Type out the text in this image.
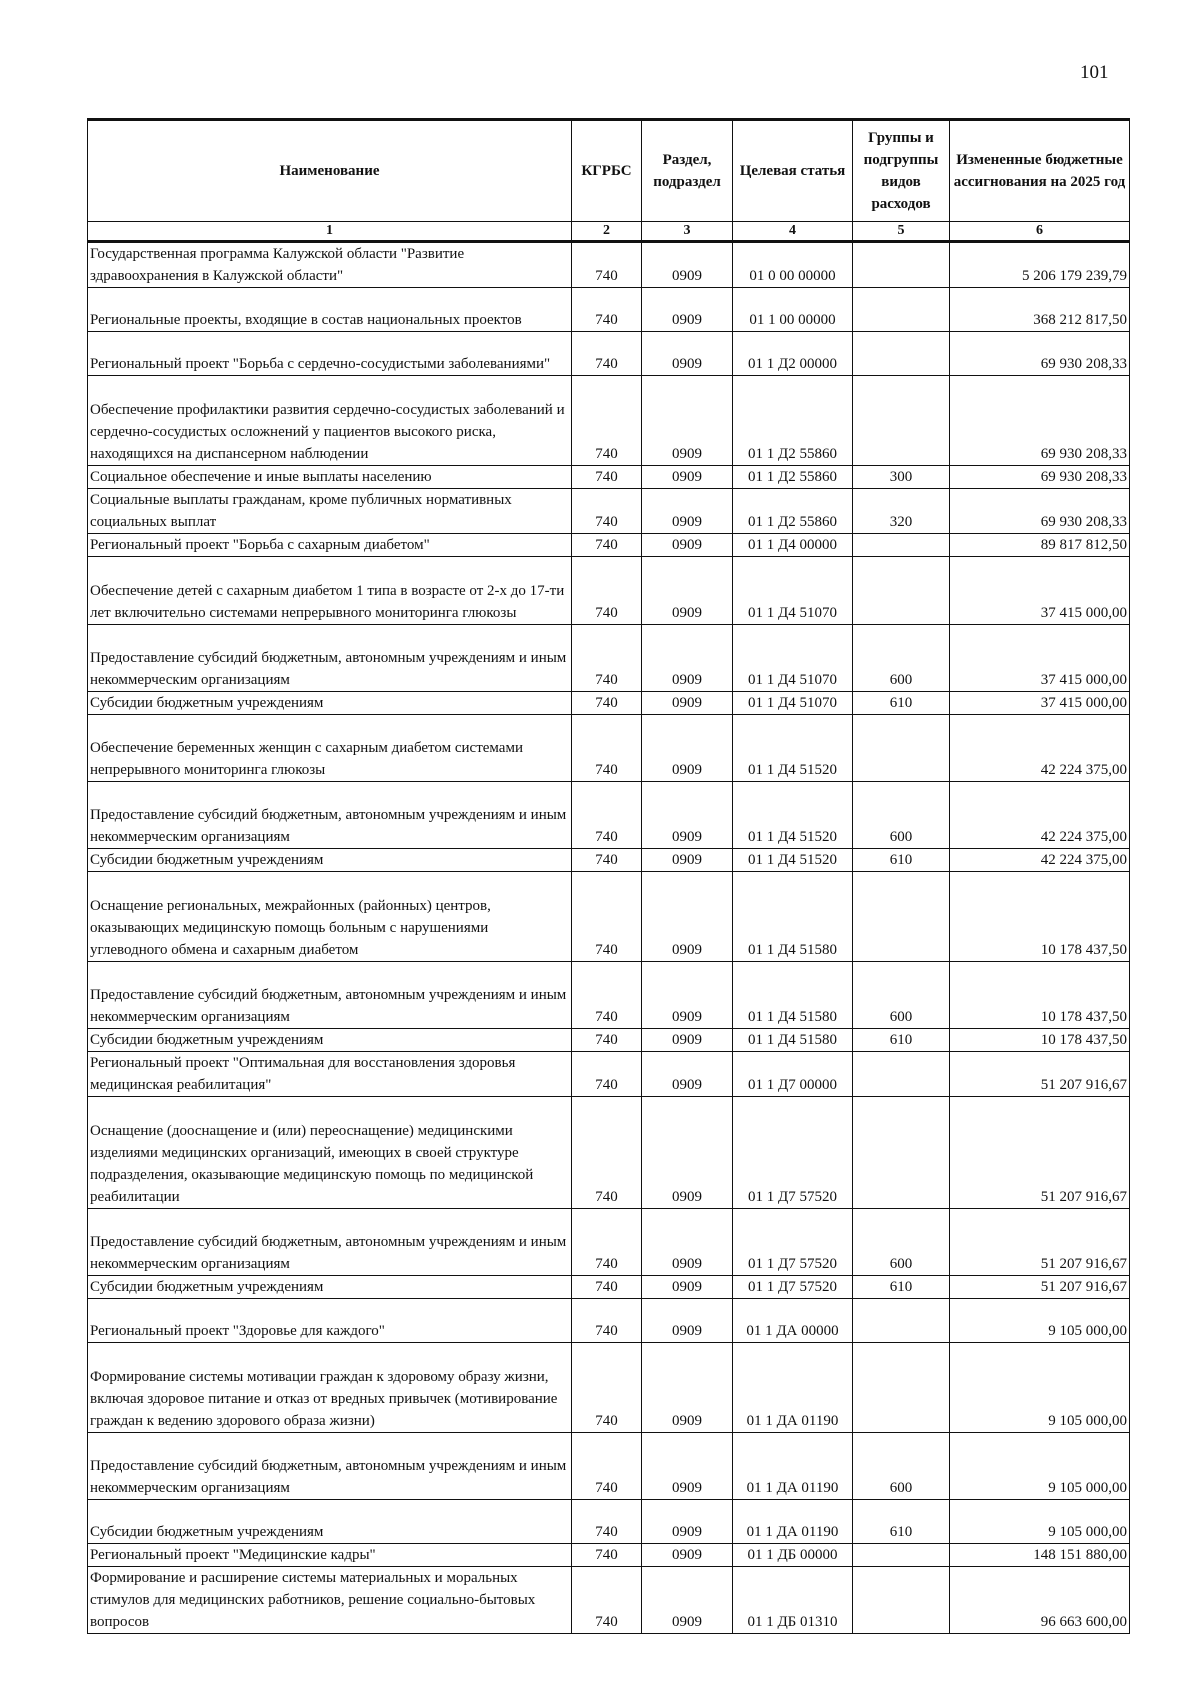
101
Наименование	КГРБС	Раздел, подраздел	Целевая статья	Группы и подгруппы видов расходов	Измененные бюджетные ассигнования на 2025 год
1	2	3	4	5	6
Государственная программа Калужской области "Развитие здравоохранения в Калужской области"	740	0909	01 0 00 00000		5 206 179 239,79
Региональные проекты, входящие в состав национальных проектов	740	0909	01 1 00 00000		368 212 817,50
Региональный проект "Борьба с сердечно-сосудистыми заболеваниями"	740	0909	01 1 Д2 00000		69 930 208,33
Обеспечение профилактики развития сердечно-сосудистых заболеваний и сердечно-сосудистых осложнений у пациентов высокого риска, находящихся на диспансерном наблюдении	740	0909	01 1 Д2 55860		69 930 208,33
Социальное обеспечение и иные выплаты населению	740	0909	01 1 Д2 55860	300	69 930 208,33
Социальные выплаты гражданам, кроме публичных нормативных социальных выплат	740	0909	01 1 Д2 55860	320	69 930 208,33
Региональный проект "Борьба с сахарным диабетом"	740	0909	01 1 Д4 00000		89 817 812,50
Обеспечение детей с сахарным диабетом 1 типа в возрасте от 2-х до 17-ти лет включительно системами непрерывного мониторинга глюкозы	740	0909	01 1 Д4 51070		37 415 000,00
Предоставление субсидий бюджетным, автономным учреждениям и иным некоммерческим организациям	740	0909	01 1 Д4 51070	600	37 415 000,00
Субсидии бюджетным учреждениям	740	0909	01 1 Д4 51070	610	37 415 000,00
Обеспечение беременных женщин с сахарным диабетом системами непрерывного мониторинга глюкозы	740	0909	01 1 Д4 51520		42 224 375,00
Предоставление субсидий бюджетным, автономным учреждениям и иным некоммерческим организациям	740	0909	01 1 Д4 51520	600	42 224 375,00
Субсидии бюджетным учреждениям	740	0909	01 1 Д4 51520	610	42 224 375,00
Оснащение региональных, межрайонных (районных) центров, оказывающих медицинскую помощь больным с нарушениями углеводного обмена и сахарным диабетом	740	0909	01 1 Д4 51580		10 178 437,50
Предоставление субсидий бюджетным, автономным учреждениям и иным некоммерческим организациям	740	0909	01 1 Д4 51580	600	10 178 437,50
Субсидии бюджетным учреждениям	740	0909	01 1 Д4 51580	610	10 178 437,50
Региональный проект "Оптимальная для восстановления здоровья медицинская реабилитация"	740	0909	01 1 Д7 00000		51 207 916,67
Оснащение (дооснащение и (или) переоснащение) медицинскими изделиями медицинских организаций, имеющих в своей структуре подразделения, оказывающие медицинскую помощь по медицинской реабилитации	740	0909	01 1 Д7 57520		51 207 916,67
Предоставление субсидий бюджетным, автономным учреждениям и иным некоммерческим организациям	740	0909	01 1 Д7 57520	600	51 207 916,67
Субсидии бюджетным учреждениям	740	0909	01 1 Д7 57520	610	51 207 916,67
Региональный проект "Здоровье для каждого"	740	0909	01 1 ДА 00000		9 105 000,00
Формирование системы мотивации граждан к здоровому образу жизни, включая здоровое питание и отказ от вредных привычек (мотивирование граждан к ведению здорового образа жизни)	740	0909	01 1 ДА 01190		9 105 000,00
Предоставление субсидий бюджетным, автономным учреждениям и иным некоммерческим организациям	740	0909	01 1 ДА 01190	600	9 105 000,00
Субсидии бюджетным учреждениям	740	0909	01 1 ДА 01190	610	9 105 000,00
Региональный проект "Медицинские кадры"	740	0909	01 1 ДБ 00000		148 151 880,00
Формирование и расширение системы материальных и моральных стимулов для медицинских работников, решение социально-бытовых вопросов	740	0909	01 1 ДБ 01310		96 663 600,00
